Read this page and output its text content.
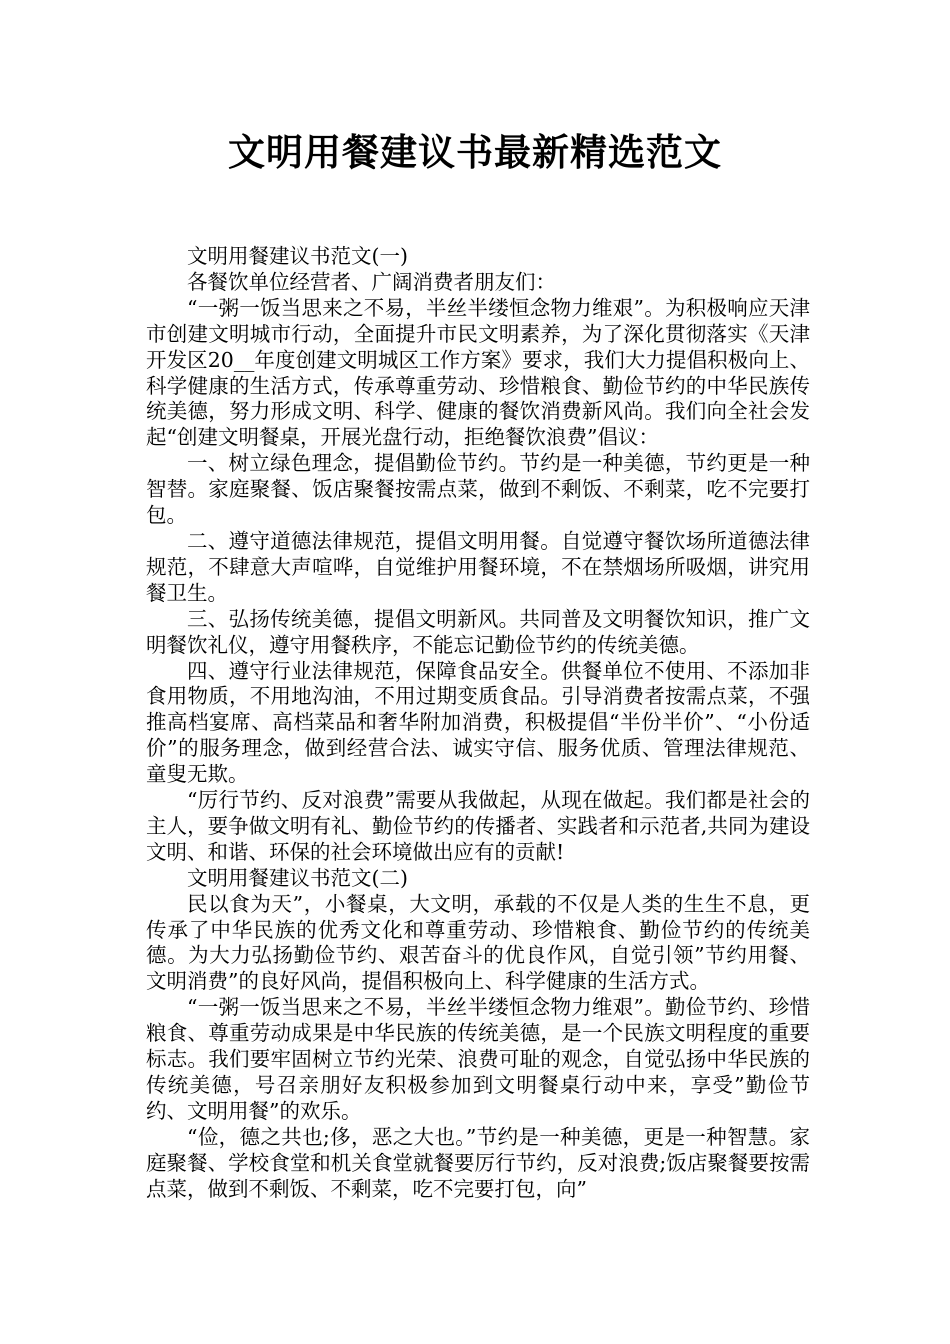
文明用餐建议书最新精选范文

文明用餐建议书范文(一)

各餐饮单位经营者、广阔消费者朋友们：

“一粥一饭当思来之不易，半丝半缕恒念物力维艰”。为积极响应天津市创建文明城市行动，全面提升市民文明素养，为了深化贯彻落实《天津开发区20__年度创建文明城区工作方案》要求，我们大力提倡积极向上、科学健康的生活方式，传承尊重劳动、珍惜粮食、勤俭节约的中华民族传统美德，努力形成文明、科学、健康的餐饮消费新风尚。我们向全社会发起“创建文明餐桌，开展光盘行动，拒绝餐饮浪费”倡议：

一、树立绿色理念，提倡勤俭节约。节约是一种美德，节约更是一种智替。家庭聚餐、饭店聚餐按需点菜，做到不剩饭、不剩菜，吃不完要打包。

二、遵守道德法律规范，提倡文明用餐。自觉遵守餐饮场所道德法律规范，不肆意大声喧哗，自觉维护用餐环境，不在禁烟场所吸烟，讲究用餐卫生。

三、弘扬传统美德，提倡文明新风。共同普及文明餐饮知识，推广文明餐饮礼仪，遵守用餐秩序，不能忘记勤俭节约的传统美德。

四、遵守行业法律规范，保障食品安全。供餐单位不使用、不添加非食用物质，不用地沟油，不用过期变质食品。引导消费者按需点菜，不强推高档宴席、高档菜品和奢华附加消费，积极提倡“半份半价”、“小份适价”的服务理念，做到经营合法、诚实守信、服务优质、管理法律规范、童叟无欺。

“厉行节约、反对浪费”需要从我做起，从现在做起。我们都是社会的主人，要争做文明有礼、勤俭节约的传播者、实践者和示范者,共同为建设文明、和谐、环保的社会环境做出应有的贡献!

文明用餐建议书范文(二)

民以食为天”，小餐桌，大文明，承载的不仅是人类的生生不息，更传承了中华民族的优秀文化和尊重劳动、珍惜粮食、勤俭节约的传统美德。为大力弘扬勤俭节约、艰苦奋斗的优良作风，自觉引领”节约用餐、文明消费”的良好风尚，提倡积极向上、科学健康的生活方式。

“一粥一饭当思来之不易，半丝半缕恒念物力维艰”。勤俭节约、珍惜粮食、尊重劳动成果是中华民族的传统美德，是一个民族文明程度的重要标志。我们要牢固树立节约光荣、浪费可耻的观念，自觉弘扬中华民族的传统美德，号召亲朋好友积极参加到文明餐桌行动中来，享受”勤俭节约、文明用餐”的欢乐。

“俭，德之共也;侈，恶之大也。”节约是一种美德，更是一种智慧。家庭聚餐、学校食堂和机关食堂就餐要厉行节约，反对浪费;饭店聚餐要按需点菜，做到不剩饭、不剩菜，吃不完要打包，向”
